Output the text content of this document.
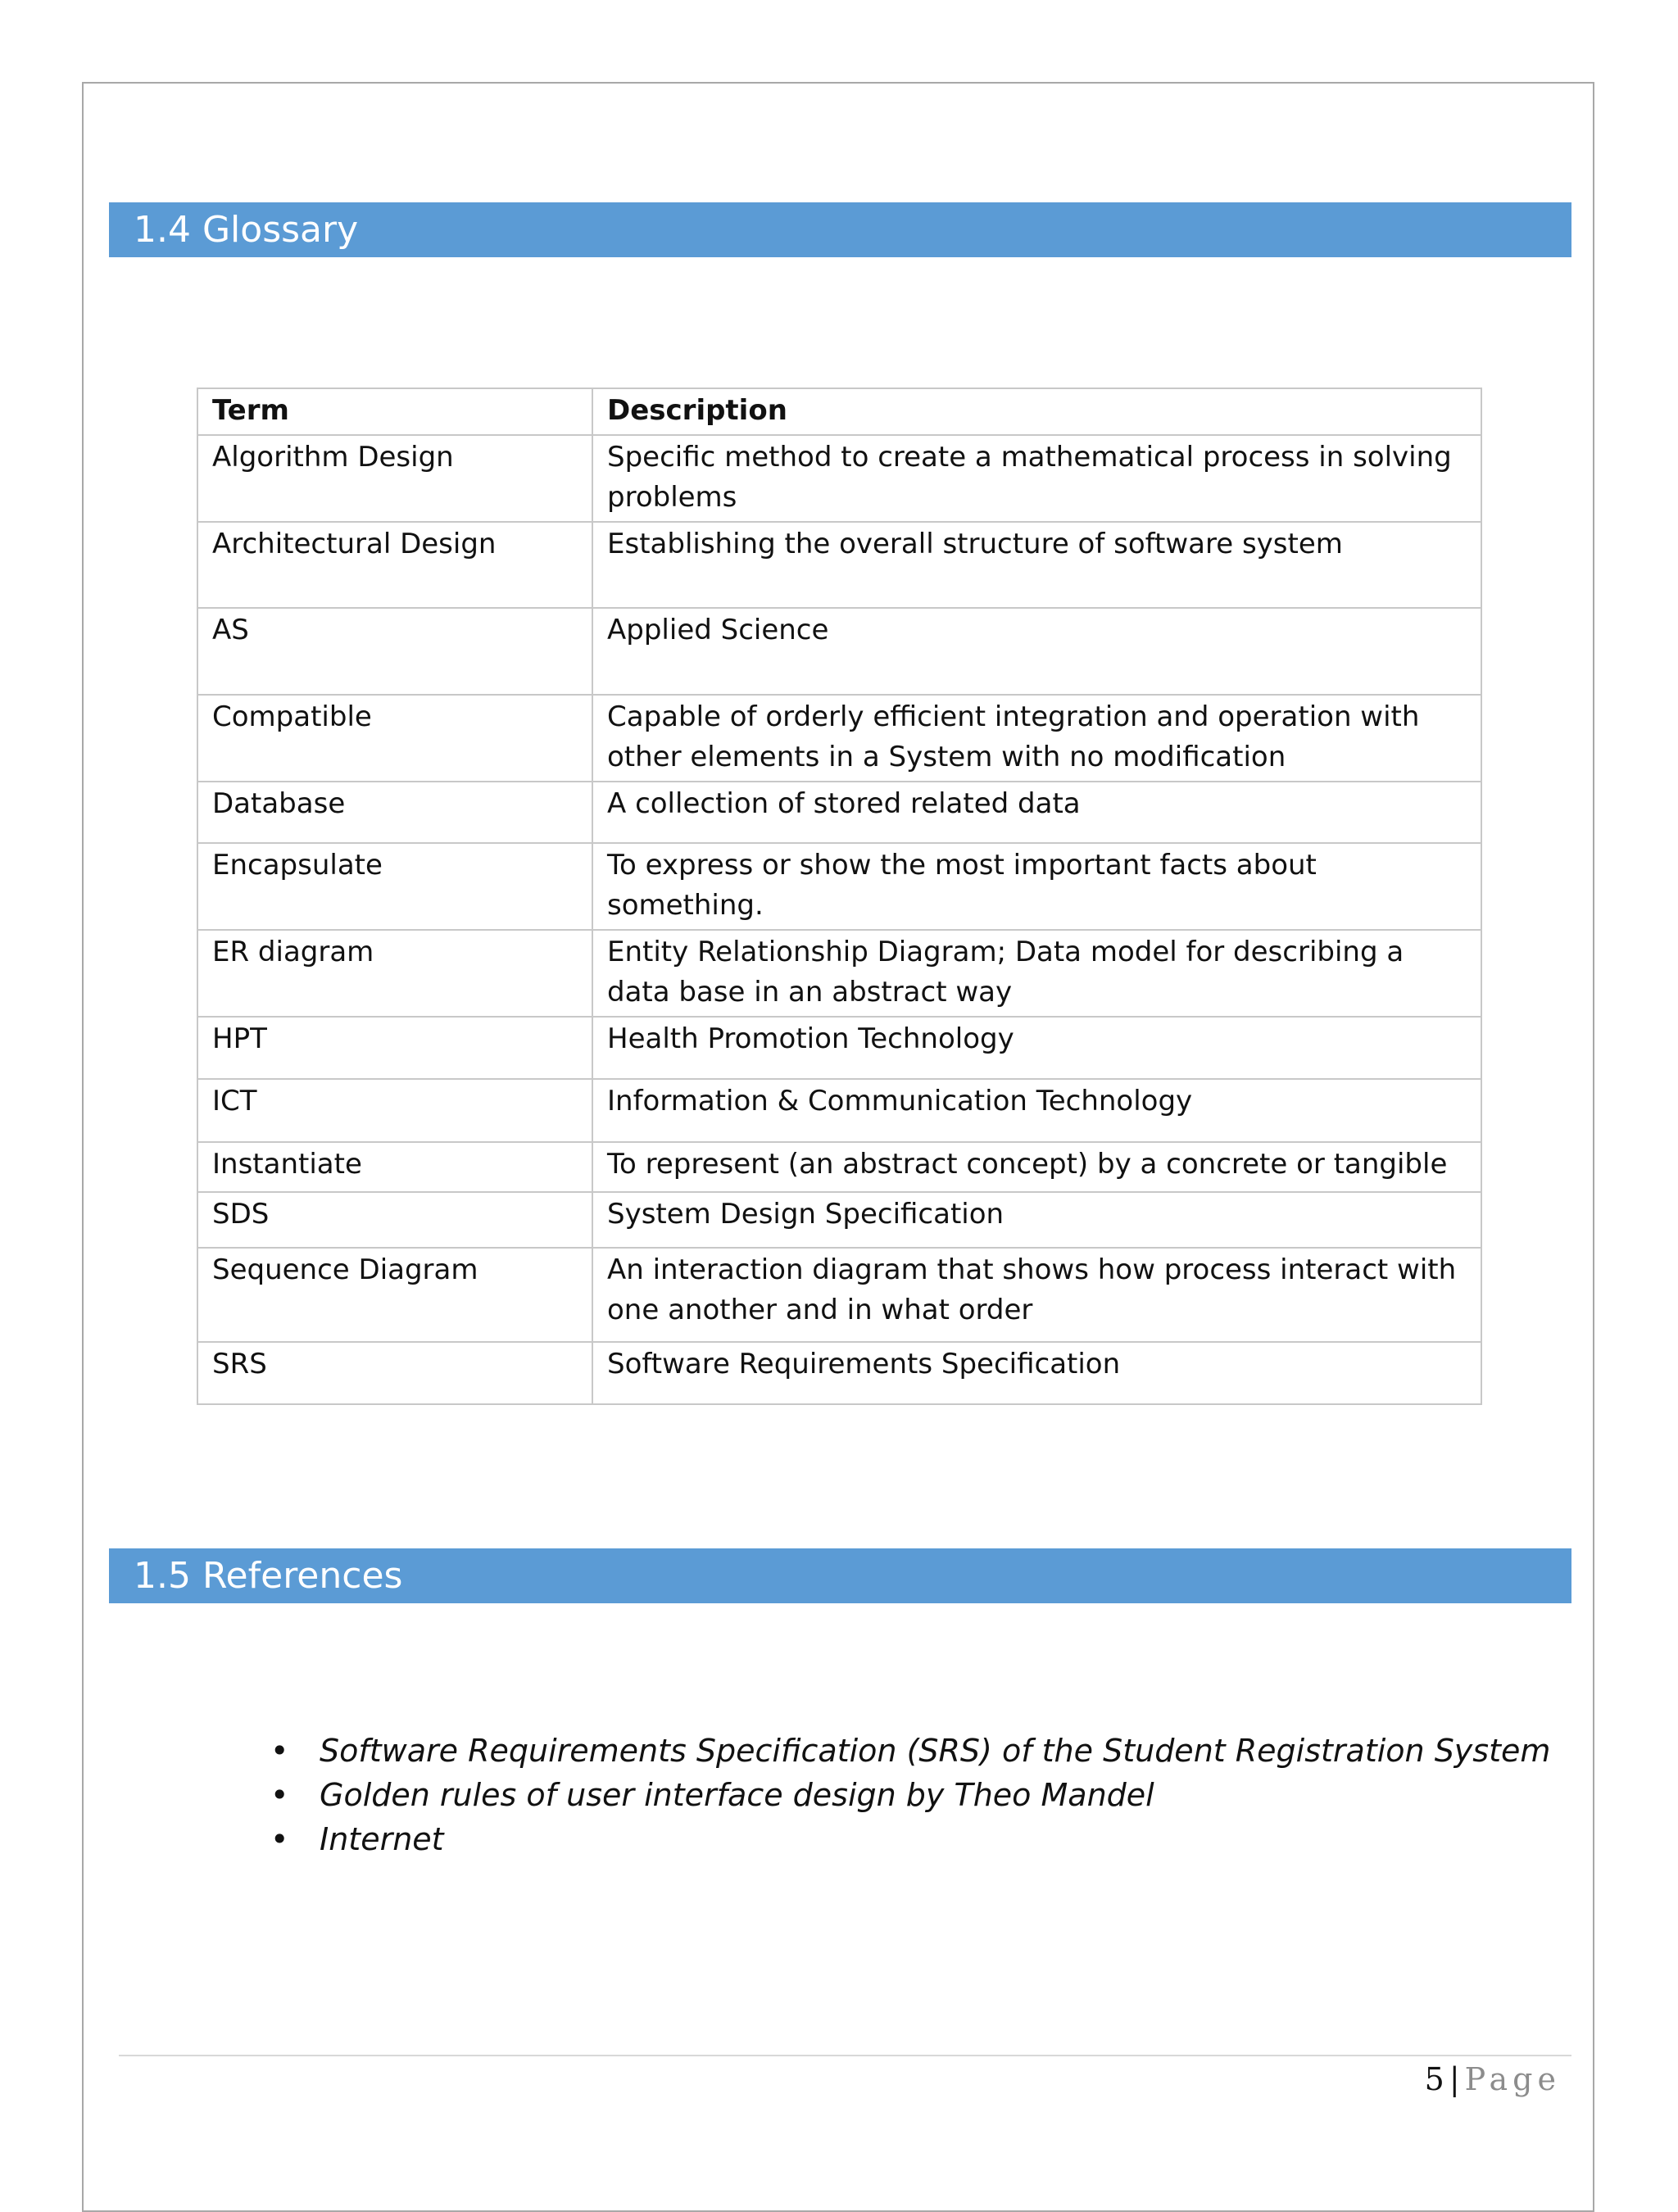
1.4 Glossary
Term	Description
Algorithm Design	Specific method to create a mathematical process in solving problems
Architectural Design	Establishing the overall structure of software system
AS	Applied Science
Compatible	Capable of orderly efficient integration and operation with other elements in a System with no modification
Database	A collection of stored related data
Encapsulate	To express or show the most important facts about something.
ER diagram	Entity Relationship Diagram; Data model for describing a data base in an abstract way
HPT	Health Promotion Technology
ICT	Information & Communication Technology
Instantiate	To represent (an abstract concept) by a concrete or tangible
SDS	System Design Specification
Sequence Diagram	An interaction diagram that shows how process interact with one another and in what order
SRS	Software Requirements Specification
1.5 References
• Software Requirements Specification (SRS) of the Student Registration System
• Golden rules of user interface design by Theo Mandel
• Internet
5 | Page
